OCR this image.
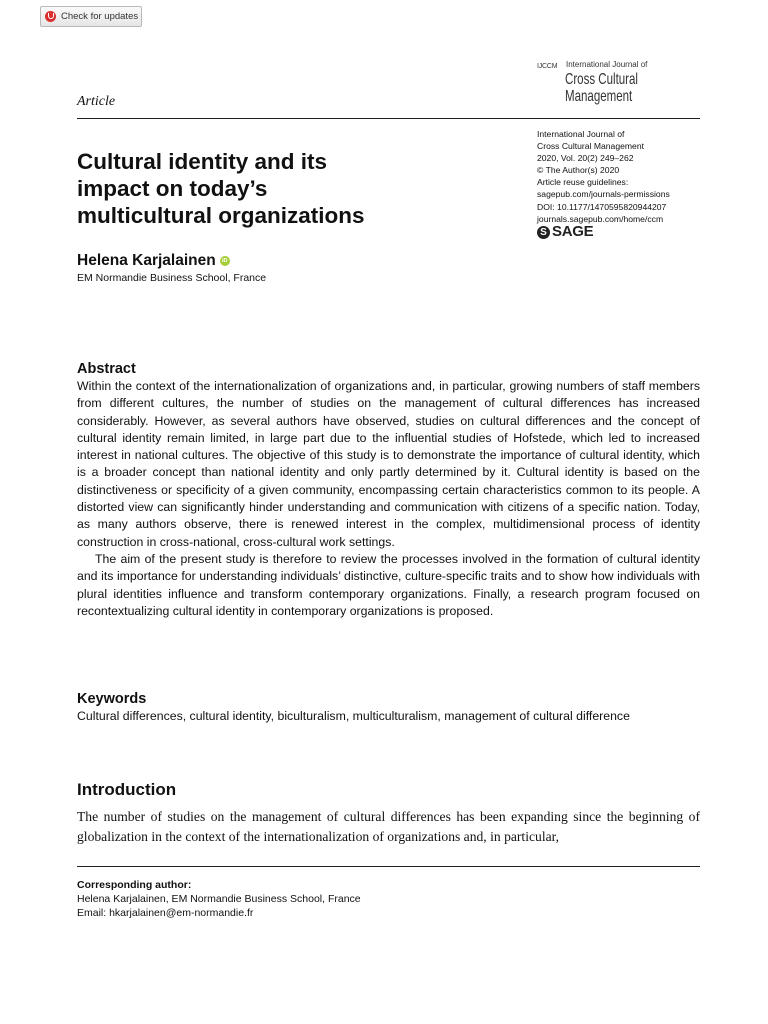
Check for updates
IJCCM International Journal of
Cross Cultural
Management
Article
Cultural identity and its
impact on today’s
multicultural organizations
International Journal of
Cross Cultural Management
2020, Vol. 20(2) 249–262
© The Author(s) 2020
Article reuse guidelines:
sagepub.com/journals-permissions
DOI: 10.1177/1470595820944207
journals.sagepub.com/home/ccm
S SAGE
Helena Karjalainen	iD
EM Normandie Business School, France
Abstract

Within the context of the internationalization of organizations and, in particular, growing numbers of staff members from different cultures, the number of studies on the management of cultural differences has increased considerably. However, as several authors have observed, studies on cultural differences and the concept of cultural identity remain limited, in large part due to the influential studies of Hofstede, which led to increased interest in national cultures. The objective of this study is to demonstrate the importance of cultural identity, which is a broader concept than national identity and only partly determined by it. Cultural identity is based on the distinctiveness or specificity of a given community, encompassing certain characteristics common to its people. A distorted view can significantly hinder understanding and communication with citizens of a specific nation. Today, as many authors observe, there is renewed interest in the complex, multidimensional process of identity construction in cross-national, cross-cultural work settings.

The aim of the present study is therefore to review the processes involved in the formation of cultural identity and its importance for understanding individuals’ distinctive, culture-specific traits and to show how individuals with plural identities influence and transform contemporary organizations. Finally, a research program focused on recontextualizing cultural identity in contemporary organizations is proposed.

Keywords
Cultural differences, cultural identity, biculturalism, multiculturalism, management of cultural difference
Introduction

The number of studies on the management of cultural differences has been expanding since the beginning of globalization in the context of the internationalization of organizations and, in particular,

Corresponding author:
Helena Karjalainen, EM Normandie Business School, France
Email: hkarjalainen@em-normandie.fr
